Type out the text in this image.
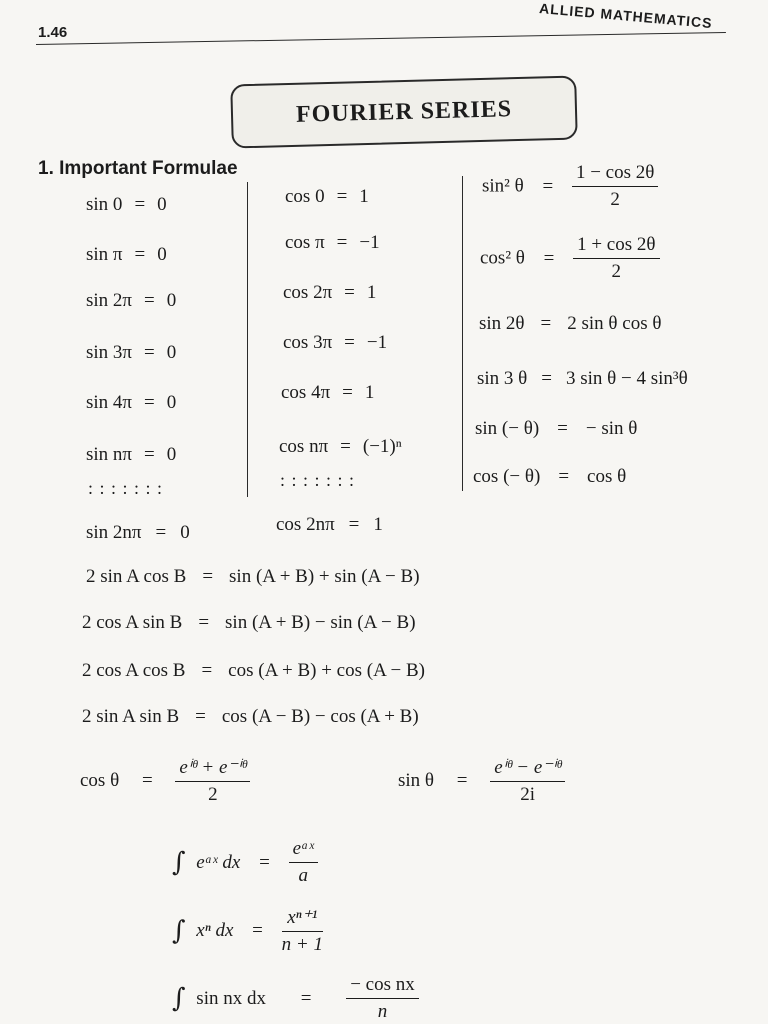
1.46
ALLIED MATHEMATICS
FOURIER SERIES
1. Important Formulae
sin 0 = 0
sin π = 0
sin 2π = 0
sin 3π = 0
sin 4π = 0
sin nπ = 0
: : : : : : :
cos 0 = 1
cos π = −1
cos 2π = 1
cos 3π = −1
cos 4π = 1
cos nπ = (−1)ⁿ
: : : : : : :
sin² $\theta = \frac{1 - \cos 2\theta}{2}$
cos² $\theta = \frac{1 + \cos 2\theta}{2}$
sin 2θ = 2 sin θ cos θ
sin 3 θ = 3 sin θ − 4 sin³θ
sin (− θ) = − sin θ
cos (− θ) = cos θ
sin 2nπ = 0	cos 2nπ = 1
2 sin A cos B = sin (A + B) + sin (A − B)
2 cos A sin B = sin (A + B) − sin (A − B)
2 cos A cos B = cos (A + B) + cos (A − B)
2 sin A sin B = cos (A − B) − cos (A + B)
cos θ =
eⁱᶿ + e⁻ⁱᶿ
2
sin θ =
eⁱᶿ − e⁻ⁱᶿ
2i
∫ eᵃˣ dx =
eᵃˣ
a
∫ xⁿ dx = $\frac{\text{xⁿ⁺¹}}{n + 1}$
∫ sin nx dx = $\frac{\text{− cos nx}}{n}$
